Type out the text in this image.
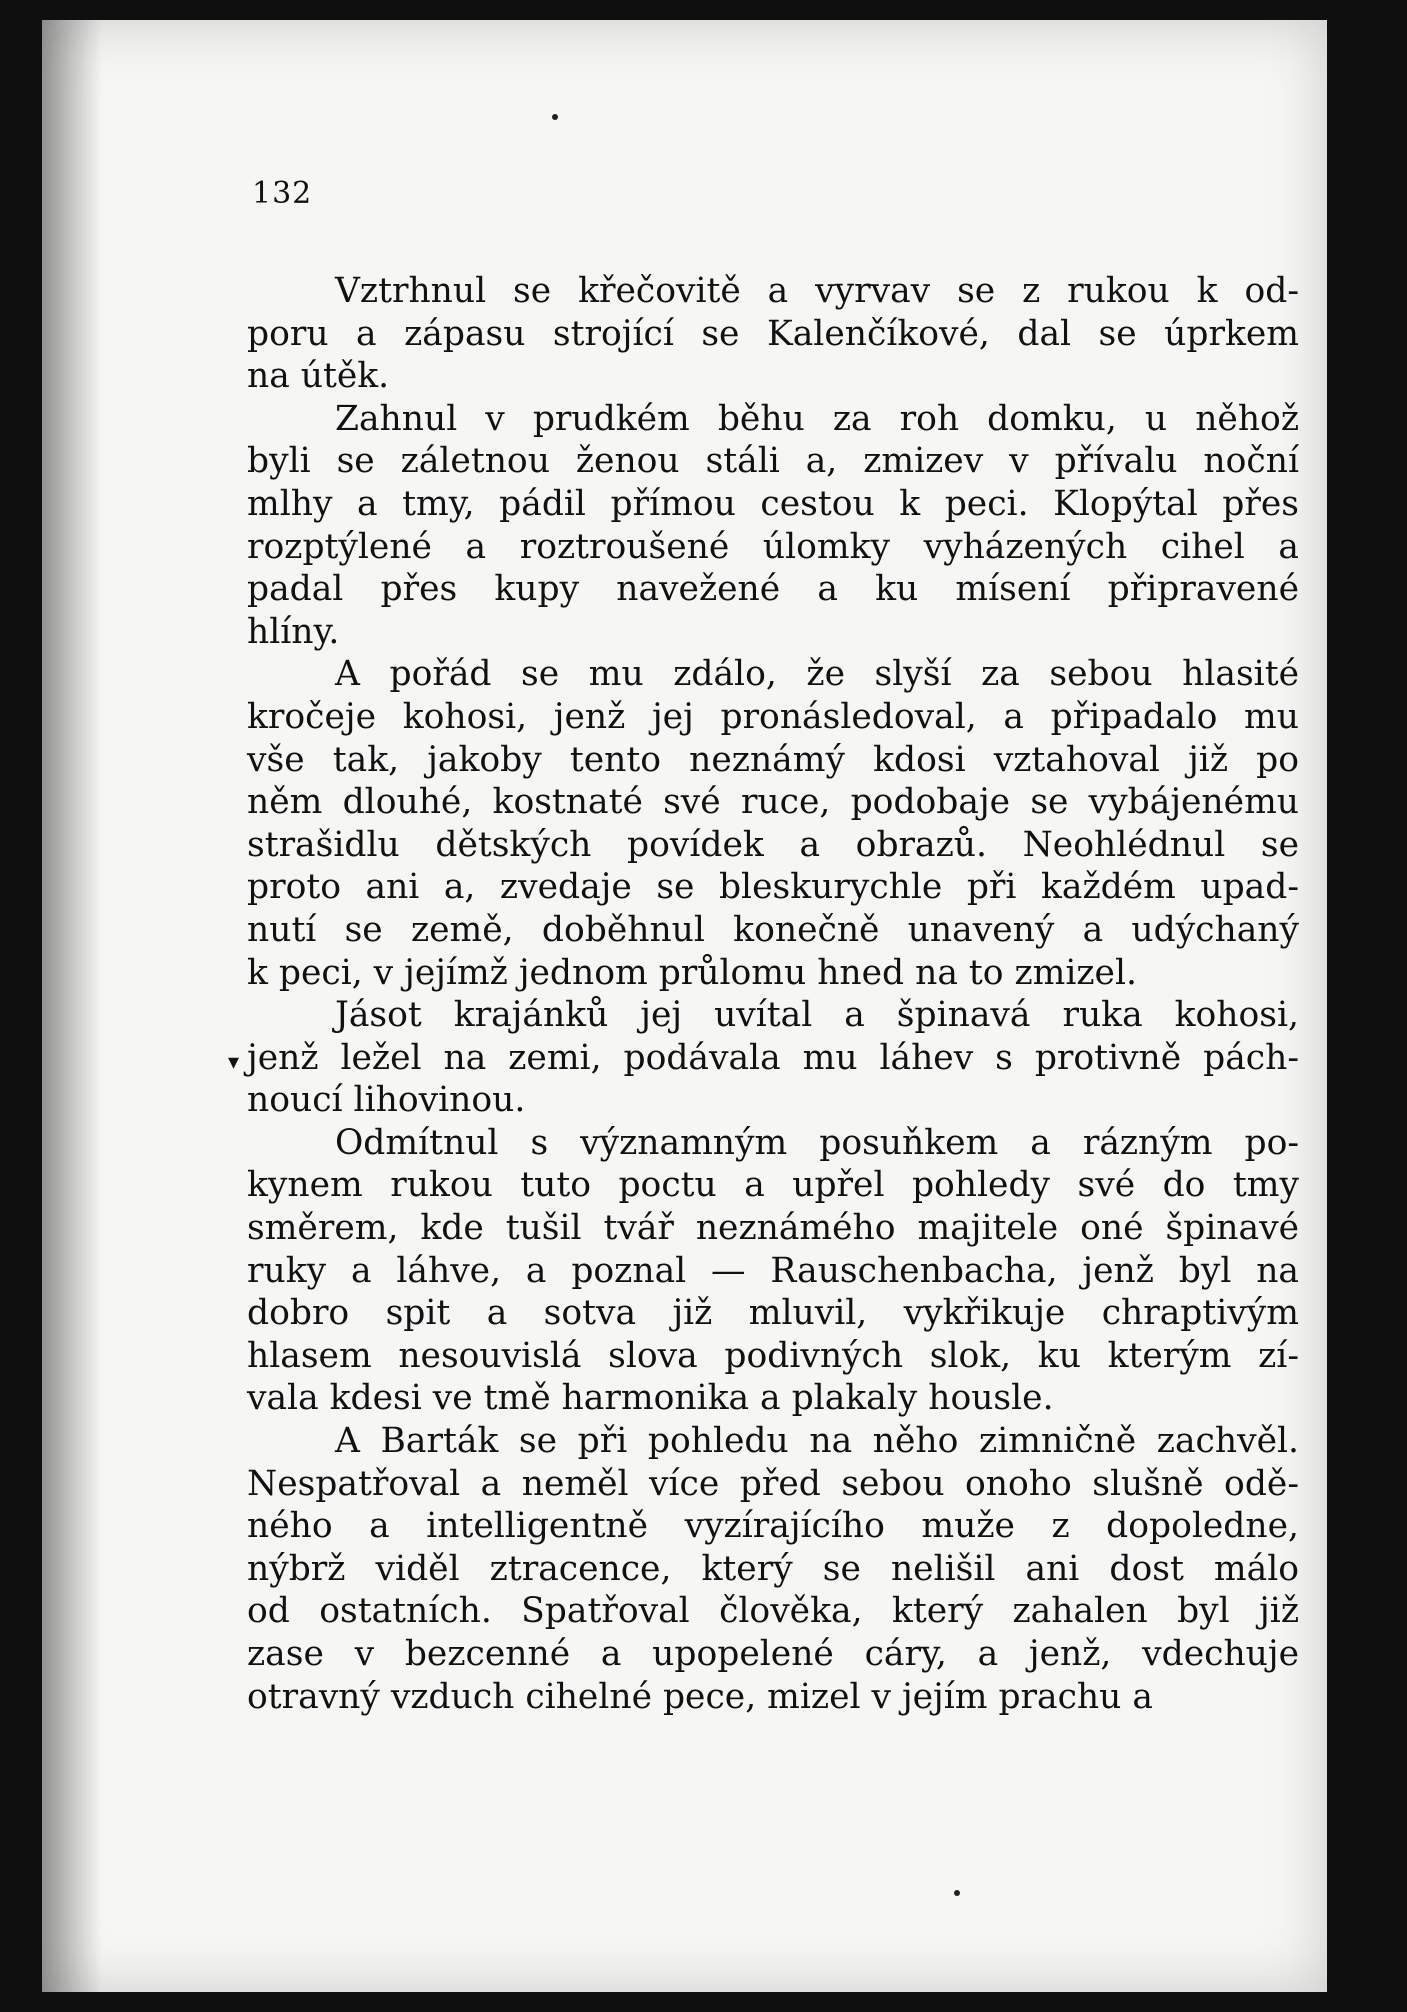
132
▾

Vztrhnul se křečovitě a vyrvav se z rukou k od-
poru a zápasu strojící se Kalenčíkové, dal se úprkem
na útěk.

Zahnul v prudkém běhu za roh domku, u něhož
byli se záletnou ženou stáli a, zmizev v přívalu noční
mlhy a tmy, pádil přímou cestou k peci. Klopýtal přes
rozptýlené a roztroušené úlomky vyházených cihel a
padal přes kupy navežené a ku mísení připravené
hlíny.

A pořád se mu zdálo, že slyší za sebou hlasité
kročeje kohosi, jenž jej pronásledoval, a připadalo mu
vše tak, jakoby tento neznámý kdosi vztahoval již po
něm dlouhé, kostnaté své ruce, podobaje se vybájenému
strašidlu dětských povídek a obrazů. Neohlédnul se
proto ani a, zvedaje se bleskurychle při každém upad-
nutí se země, doběhnul konečně unavený a udýchaný
k peci, v jejímž jednom průlomu hned na to zmizel.

Jásot krajánků jej uvítal a špinavá ruka kohosi,
jenž ležel na zemi, podávala mu láhev s protivně pách-
noucí lihovinou.

Odmítnul s významným posuňkem a rázným po-
kynem rukou tuto poctu a upřel pohledy své do tmy
směrem, kde tušil tvář neznámého majitele oné špinavé
ruky a láhve, a poznal — Rauschenbacha, jenž byl na
dobro spit a sotva již mluvil, vykřikuje chraptivým
hlasem nesouvislá slova podivných slok, ku kterým zí-
vala kdesi ve tmě harmonika a plakaly housle.

A Barták se při pohledu na něho zimničně zachvěl.
Nespatřoval a neměl více před sebou onoho slušně odě-
ného a intelligentně vyzírajícího muže z dopoledne,
nýbrž viděl ztracence, který se nelišil ani dost málo
od ostatních. Spatřoval člověka, který zahalen byl již
zase v bezcenné a upopelené cáry, a jenž, vdechuje
otravný vzduch cihelné pece, mizel v jejím prachu a
